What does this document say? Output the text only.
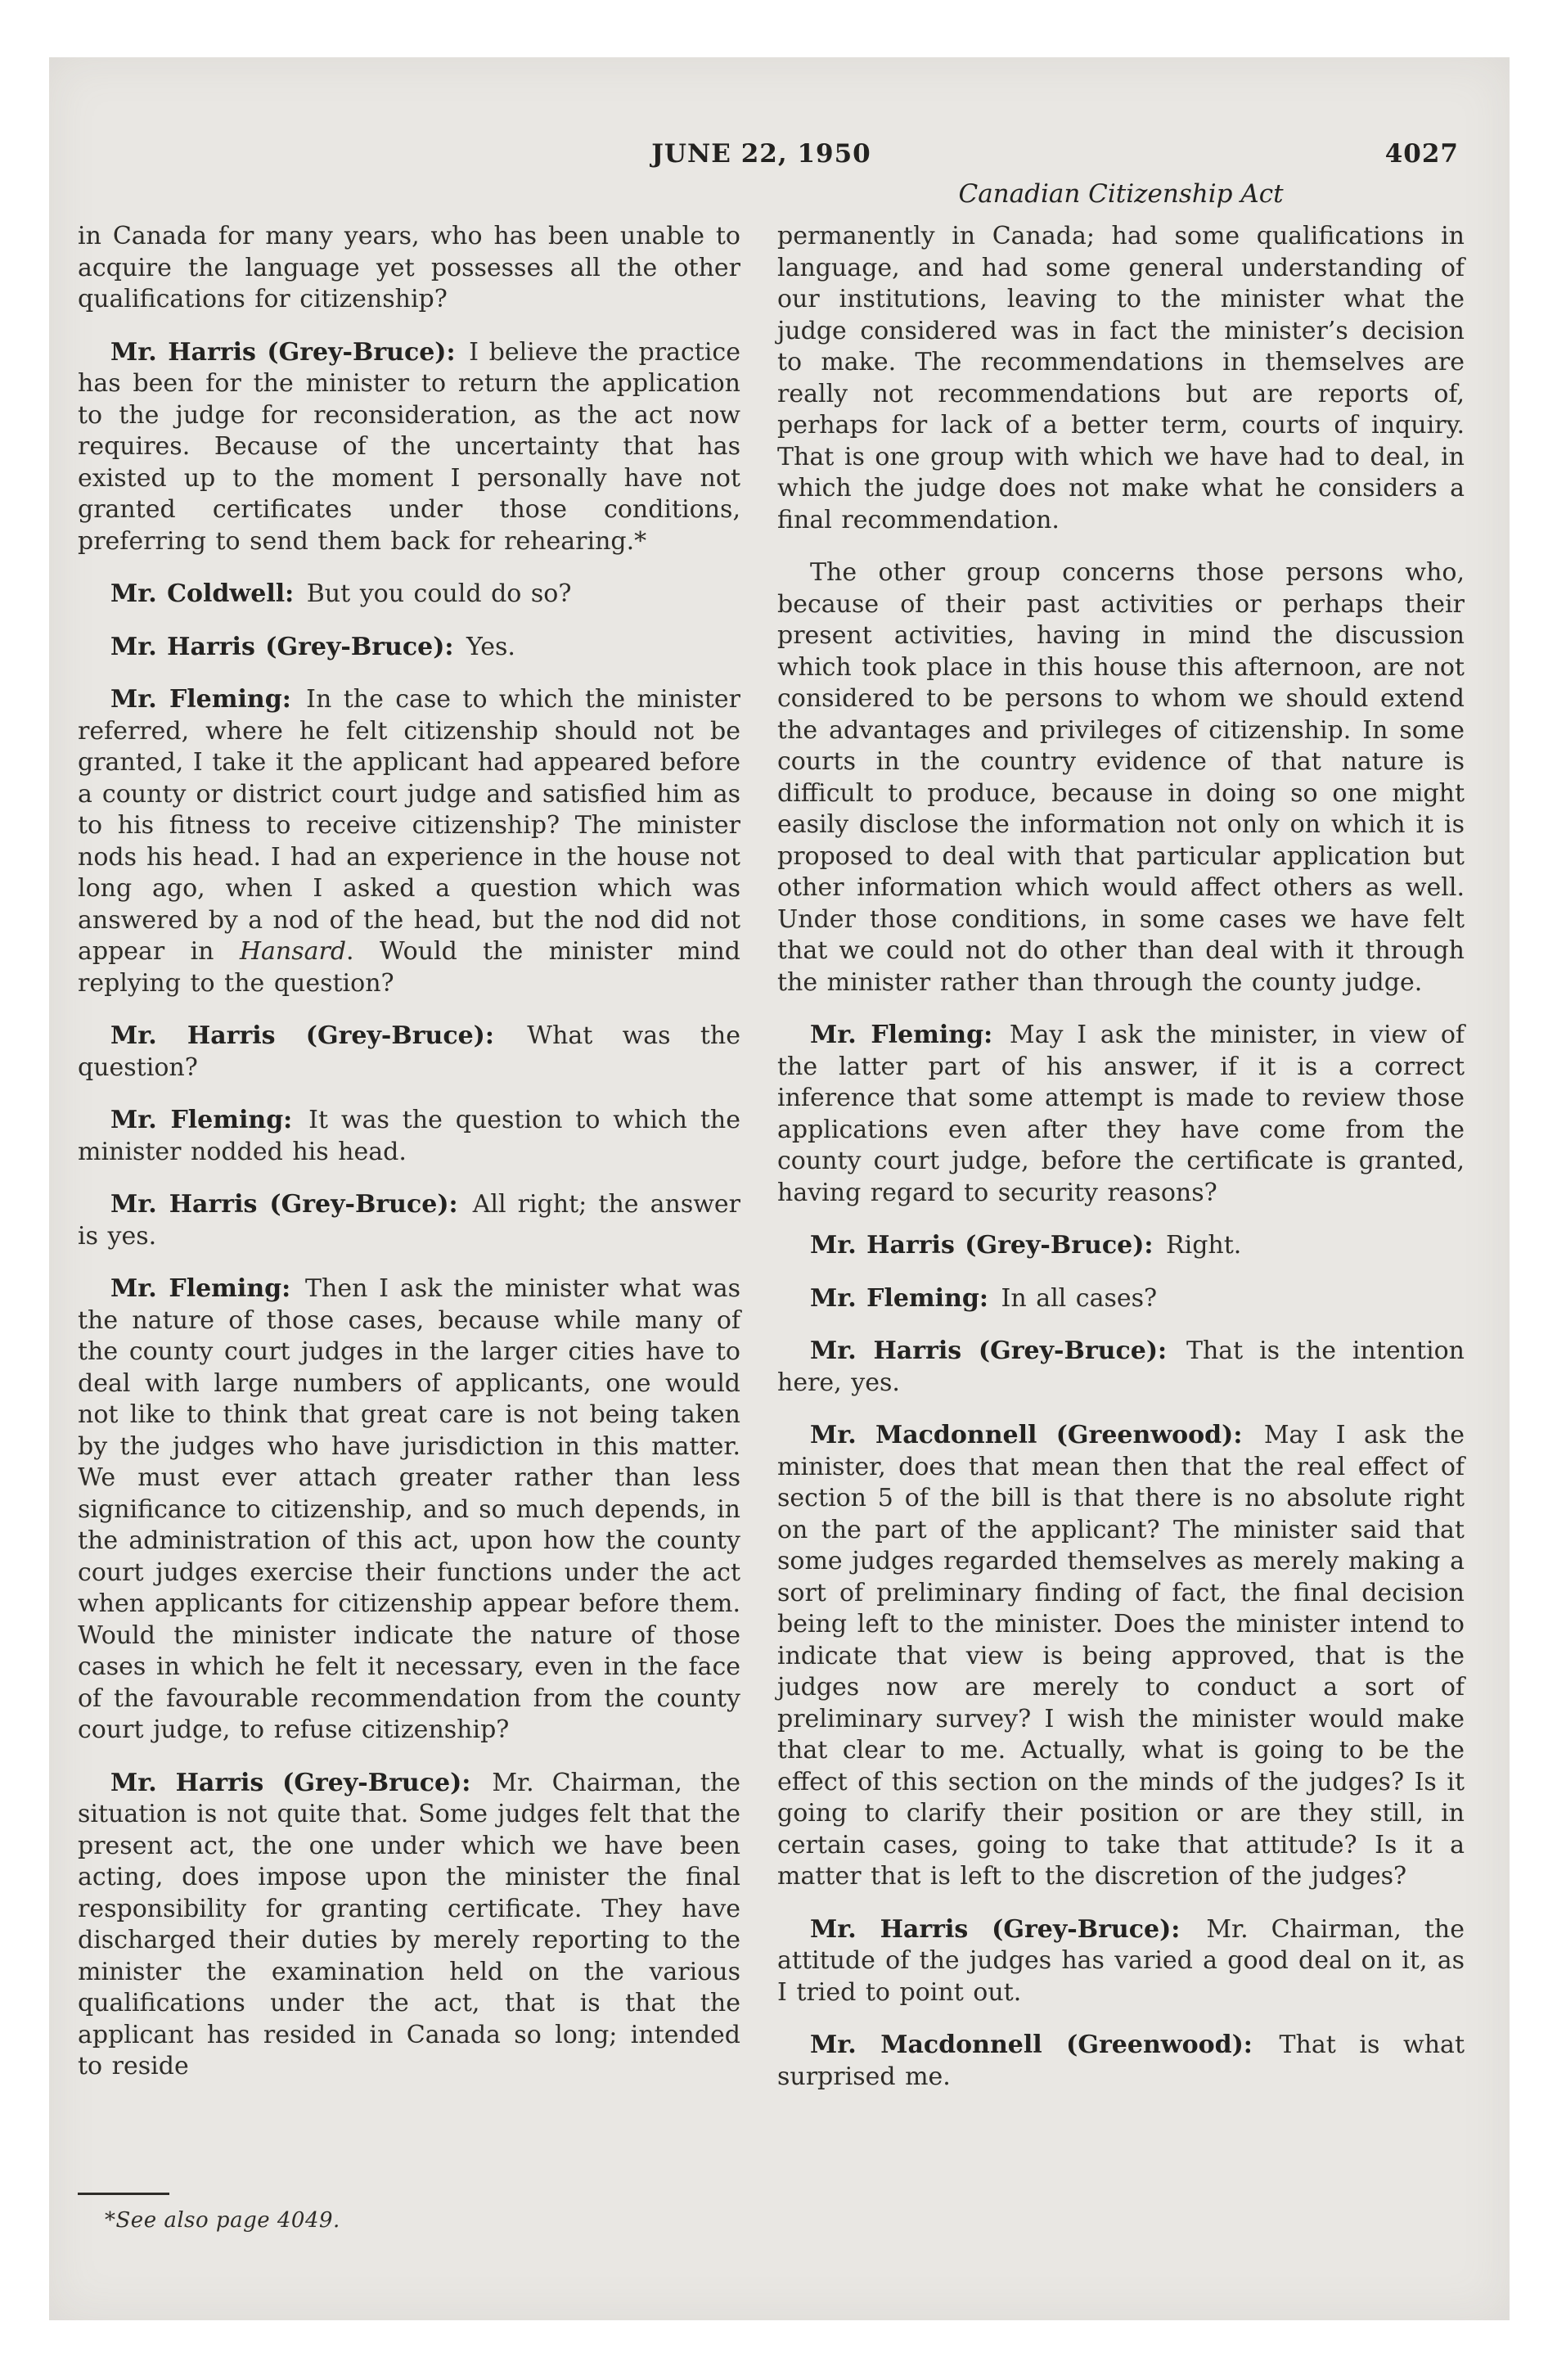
JUNE 22, 1950	4027
Canadian Citizenship Act

in Canada for many years, who has been unable to acquire the language yet possesses all the other qualifications for citizenship?

Mr. Harris (Grey-Bruce): I believe the practice has been for the minister to return the application to the judge for reconsideration, as the act now requires. Because of the uncertainty that has existed up to the moment I personally have not granted certificates under those conditions, preferring to send them back for rehearing.*

Mr. Coldwell: But you could do so?

Mr. Harris (Grey-Bruce): Yes.

Mr. Fleming: In the case to which the minister referred, where he felt citizenship should not be granted, I take it the applicant had appeared before a county or district court judge and satisfied him as to his fitness to receive citizenship? The minister nods his head. I had an experience in the house not long ago, when I asked a question which was answered by a nod of the head, but the nod did not appear in Hansard. Would the minister mind replying to the question?

Mr. Harris (Grey-Bruce): What was the question?

Mr. Fleming: It was the question to which the minister nodded his head.

Mr. Harris (Grey-Bruce): All right; the answer is yes.

Mr. Fleming: Then I ask the minister what was the nature of those cases, because while many of the county court judges in the larger cities have to deal with large numbers of applicants, one would not like to think that great care is not being taken by the judges who have jurisdiction in this matter. We must ever attach greater rather than less significance to citizenship, and so much depends, in the administration of this act, upon how the county court judges exercise their functions under the act when applicants for citizenship appear before them. Would the minister indicate the nature of those cases in which he felt it necessary, even in the face of the favourable recommendation from the county court judge, to refuse citizenship?

Mr. Harris (Grey-Bruce): Mr. Chairman, the situation is not quite that. Some judges felt that the present act, the one under which we have been acting, does impose upon the minister the final responsibility for granting certificate. They have discharged their duties by merely reporting to the minister the examination held on the various qualifications under the act, that is that the applicant has resided in Canada so long; intended to reside

permanently in Canada; had some qualifications in language, and had some general understanding of our institutions, leaving to the minister what the judge considered was in fact the minister’s decision to make. The recommendations in themselves are really not recommendations but are reports of, perhaps for lack of a better term, courts of inquiry. That is one group with which we have had to deal, in which the judge does not make what he considers a final recommendation.

The other group concerns those persons who, because of their past activities or perhaps their present activities, having in mind the discussion which took place in this house this afternoon, are not considered to be persons to whom we should extend the advantages and privileges of citizenship. In some courts in the country evidence of that nature is difficult to produce, because in doing so one might easily disclose the information not only on which it is proposed to deal with that particular application but other information which would affect others as well. Under those conditions, in some cases we have felt that we could not do other than deal with it through the minister rather than through the county judge.

Mr. Fleming: May I ask the minister, in view of the latter part of his answer, if it is a correct inference that some attempt is made to review those applications even after they have come from the county court judge, before the certificate is granted, having regard to security reasons?

Mr. Harris (Grey-Bruce): Right.

Mr. Fleming: In all cases?

Mr. Harris (Grey-Bruce): That is the intention here, yes.

Mr. Macdonnell (Greenwood): May I ask the minister, does that mean then that the real effect of section 5 of the bill is that there is no absolute right on the part of the applicant? The minister said that some judges regarded themselves as merely making a sort of preliminary finding of fact, the final decision being left to the minister. Does the minister intend to indicate that view is being approved, that is the judges now are merely to conduct a sort of preliminary survey? I wish the minister would make that clear to me. Actually, what is going to be the effect of this section on the minds of the judges? Is it going to clarify their position or are they still, in certain cases, going to take that attitude? Is it a matter that is left to the discretion of the judges?

Mr. Harris (Grey-Bruce): Mr. Chairman, the attitude of the judges has varied a good deal on it, as I tried to point out.

Mr. Macdonnell (Greenwood): That is what surprised me.

*See also page 4049.
